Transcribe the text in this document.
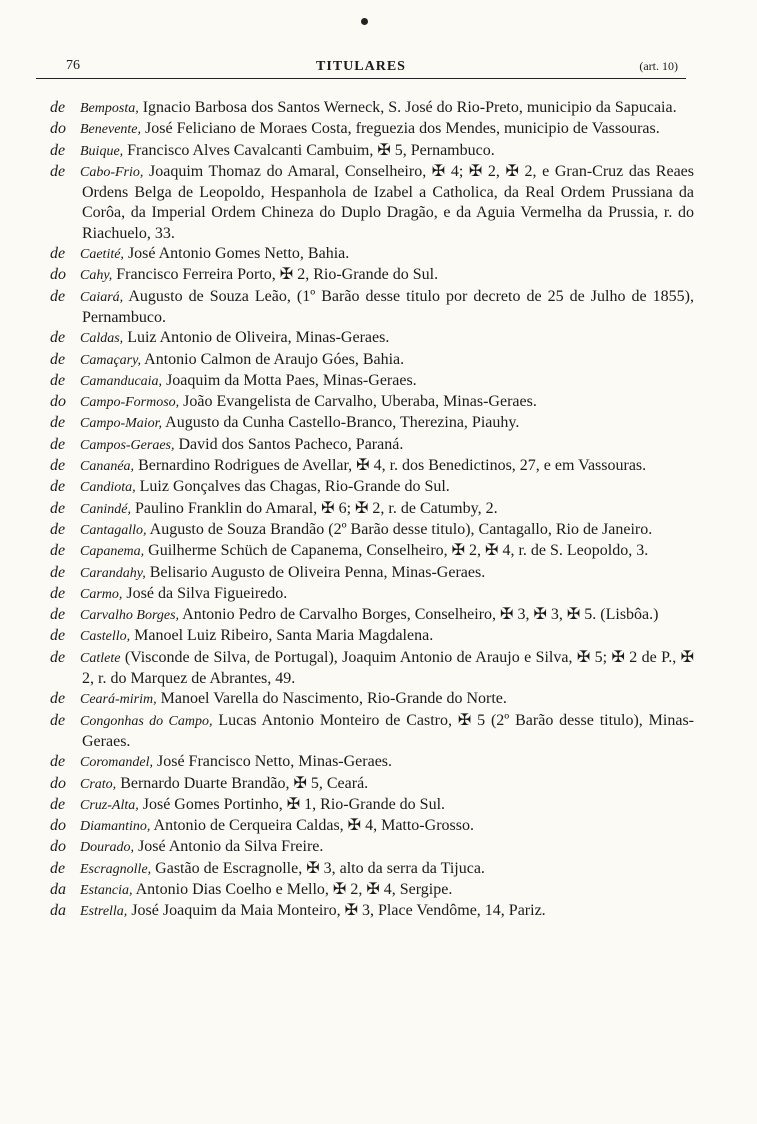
76	TITULARES	(art. 10)
de Bemposta, Ignacio Barbosa dos Santos Werneck, S. José do Rio-Preto, municipio da Sapucaia.
do Benevente, José Feliciano de Moraes Costa, freguezia dos Mendes, municipio de Vassouras.
de Buique, Francisco Alves Cavalcanti Cambuim, ✠ 5, Pernambuco.
de Cabo-Frio, Joaquim Thomaz do Amaral, Conselheiro, ✠ 4; ✠ 2, ✠ 2, e Gran-Cruz das Reaes Ordens Belga de Leopoldo, Hespanhola de Izabel a Catholica, da Real Ordem Prussiana da Corôa, da Imperial Ordem Chineza do Duplo Dragão, e da Aguia Vermelha da Prussia, r. do Riachuelo, 33.
de Caetité, José Antonio Gomes Netto, Bahia.
do Cahy, Francisco Ferreira Porto, ✠ 2, Rio-Grande do Sul.
de Caiará, Augusto de Souza Leão, (1º Barão desse titulo por decreto de 25 de Julho de 1855), Pernambuco.
de Caldas, Luiz Antonio de Oliveira, Minas-Geraes.
de Camaçary, Antonio Calmon de Araujo Góes, Bahia.
de Camanducaia, Joaquim da Motta Paes, Minas-Geraes.
do Campo-Formoso, João Evangelista de Carvalho, Uberaba, Minas-Geraes.
de Campo-Maior, Augusto da Cunha Castello-Branco, Therezina, Piauhy.
de Campos-Geraes, David dos Santos Pacheco, Paraná.
de Cananéa, Bernardino Rodrigues de Avellar, ✠ 4, r. dos Benedictinos, 27, e em Vassouras.
de Candiota, Luiz Gonçalves das Chagas, Rio-Grande do Sul.
de Canindé, Paulino Franklin do Amaral, ✠ 6; ✠ 2, r. de Catumby, 2.
de Cantagallo, Augusto de Souza Brandão (2º Barão desse titulo), Cantagallo, Rio de Janeiro.
de Capanema, Guilherme Schüch de Capanema, Conselheiro, ✠ 2, ✠ 4, r. de S. Leopoldo, 3.
de Carandahy, Belisario Augusto de Oliveira Penna, Minas-Geraes.
de Carmo, José da Silva Figueiredo.
de Carvalho Borges, Antonio Pedro de Carvalho Borges, Conselheiro, ✠ 3, ✠ 3, ✠ 5. (Lisbôa.)
de Castello, Manoel Luiz Ribeiro, Santa Maria Magdalena.
de Catlete (Visconde de Silva, de Portugal), Joaquim Antonio de Araujo e Silva, ✠ 5; ✠ 2 de P., ✠ 2, r. do Marquez de Abrantes, 49.
de Ceará-mirim, Manoel Varella do Nascimento, Rio-Grande do Norte.
de Congonhas do Campo, Lucas Antonio Monteiro de Castro, ✠ 5 (2º Barão desse titulo), Minas-Geraes.
de Coromandel, José Francisco Netto, Minas-Geraes.
do Crato, Bernardo Duarte Brandão, ✠ 5, Ceará.
de Cruz-Alta, José Gomes Portinho, ✠ 1, Rio-Grande do Sul.
do Diamantino, Antonio de Cerqueira Caldas, ✠ 4, Matto-Grosso.
do Dourado, José Antonio da Silva Freire.
de Escragnolle, Gastão de Escragnolle, ✠ 3, alto da serra da Tijuca.
da Estancia, Antonio Dias Coelho e Mello, ✠ 2, ✠ 4, Sergipe.
da Estrella, José Joaquim da Maia Monteiro, ✠ 3, Place Vendôme, 14, Pariz.
